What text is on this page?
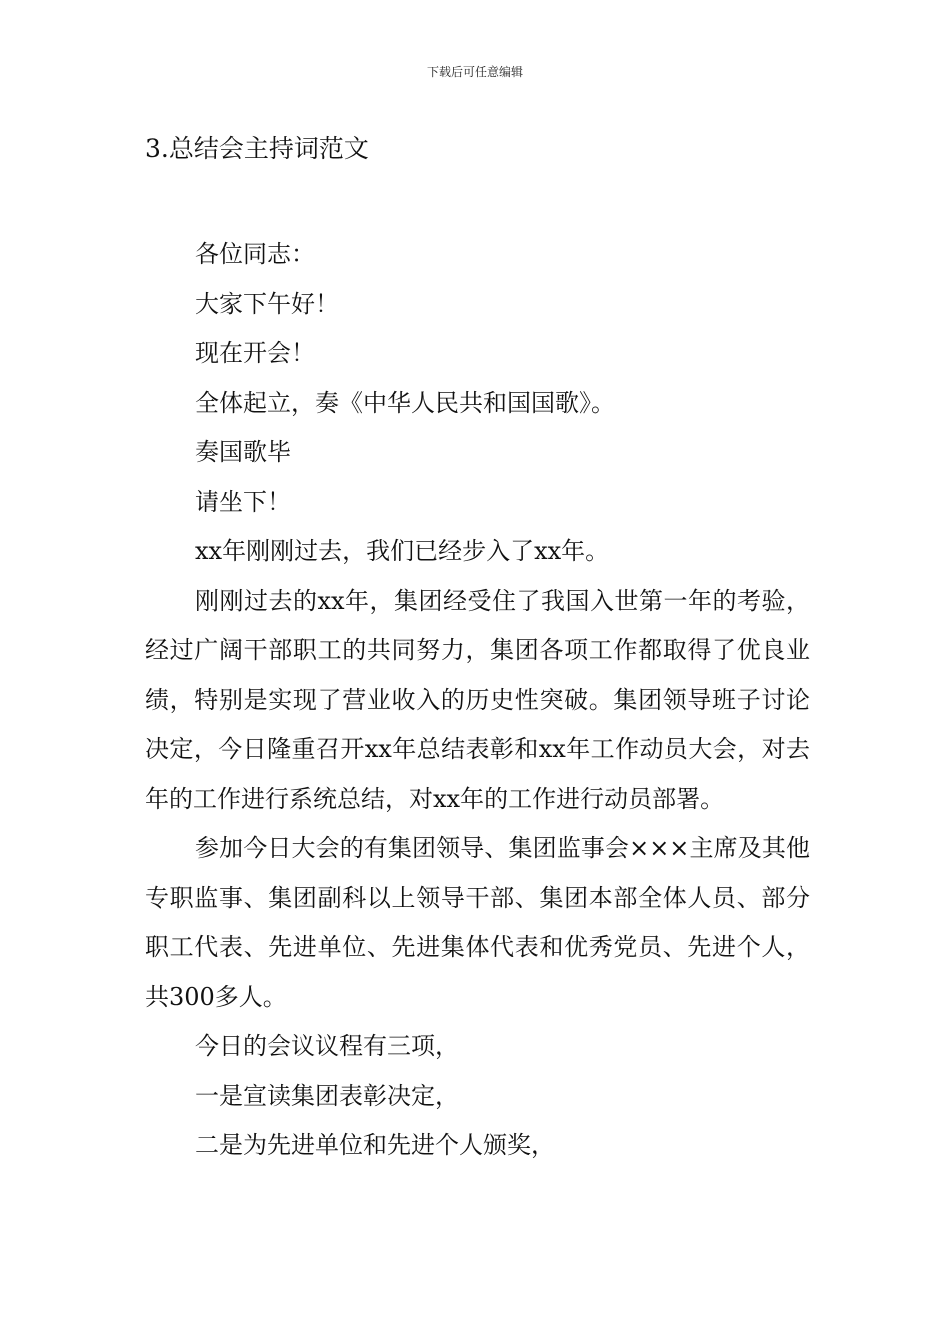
下载后可任意编辑
3.总结会主持词范文

各位同志：

大家下午好！

现在开会！

全体起立，奏《中华人民共和国国歌》。

奏国歌毕

请坐下！

xx年刚刚过去，我们已经步入了xx年。

刚刚过去的xx年，集团经受住了我国入世第一年的考验，经过广阔干部职工的共同努力，集团各项工作都取得了优良业绩，特别是实现了营业收入的历史性突破。集团领导班子讨论决定，今日隆重召开xx年总结表彰和xx年工作动员大会，对去年的工作进行系统总结，对xx年的工作进行动员部署。

参加今日大会的有集团领导、集团监事会×××主席及其他专职监事、集团副科以上领导干部、集团本部全体人员、部分职工代表、先进单位、先进集体代表和优秀党员、先进个人，共300多人。

今日的会议议程有三项，

一是宣读集团表彰决定，

二是为先进单位和先进个人颁奖，
